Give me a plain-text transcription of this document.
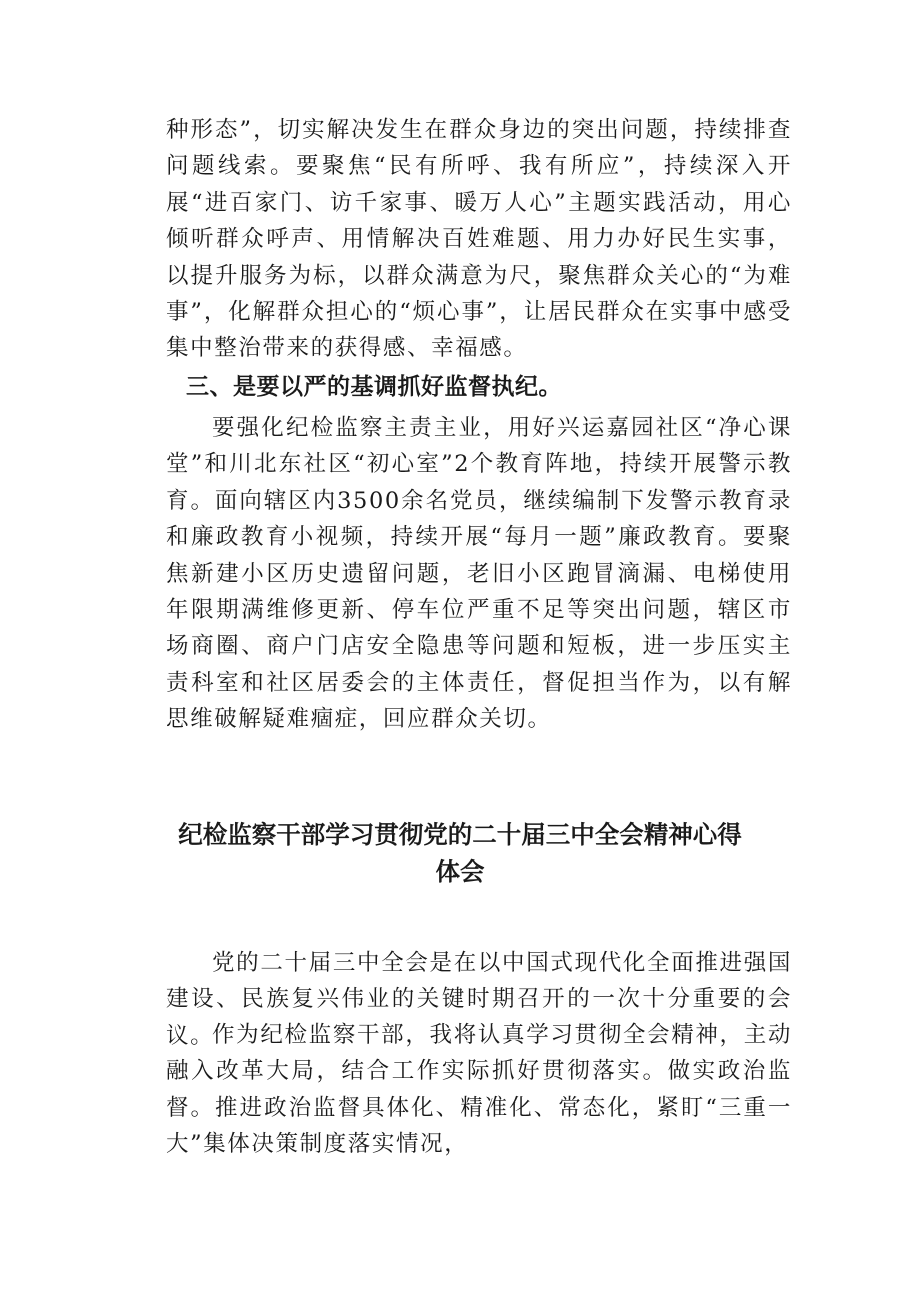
种形态”，切实解决发生在群众身边的突出问题，持续排查问题线索。要聚焦“民有所呼、我有所应”，持续深入开展“进百家门、访千家事、暖万人心”主题实践活动，用心倾听群众呼声、用情解决百姓难题、用力办好民生实事，以提升服务为标，以群众满意为尺，聚焦群众关心的“为难事”，化解群众担心的“烦心事”，让居民群众在实事中感受集中整治带来的获得感、幸福感。

三、是要以严的基调抓好监督执纪。

要强化纪检监察主责主业，用好兴运嘉园社区“净心课堂”和川北东社区“初心室”2个教育阵地，持续开展警示教育。面向辖区内3500余名党员，继续编制下发警示教育录和廉政教育小视频，持续开展“每月一题”廉政教育。要聚焦新建小区历史遗留问题，老旧小区跑冒滴漏、电梯使用年限期满维修更新、停车位严重不足等突出问题，辖区市场商圈、商户门店安全隐患等问题和短板，进一步压实主责科室和社区居委会的主体责任，督促担当作为，以有解思维破解疑难痼症，回应群众关切。

纪检监察干部学习贯彻党的二十届三中全会精神心得
体会

党的二十届三中全会是在以中国式现代化全面推进强国建设、民族复兴伟业的关键时期召开的一次十分重要的会议。

作为纪检监察干部，我将认真学习贯彻全会精神，主动融入改革大局，结合工作实际抓好贯彻落实。做实政治监督。推进政治监督具体化、精准化、常态化，紧盯“三重一大”集体决策制度落实情况，
